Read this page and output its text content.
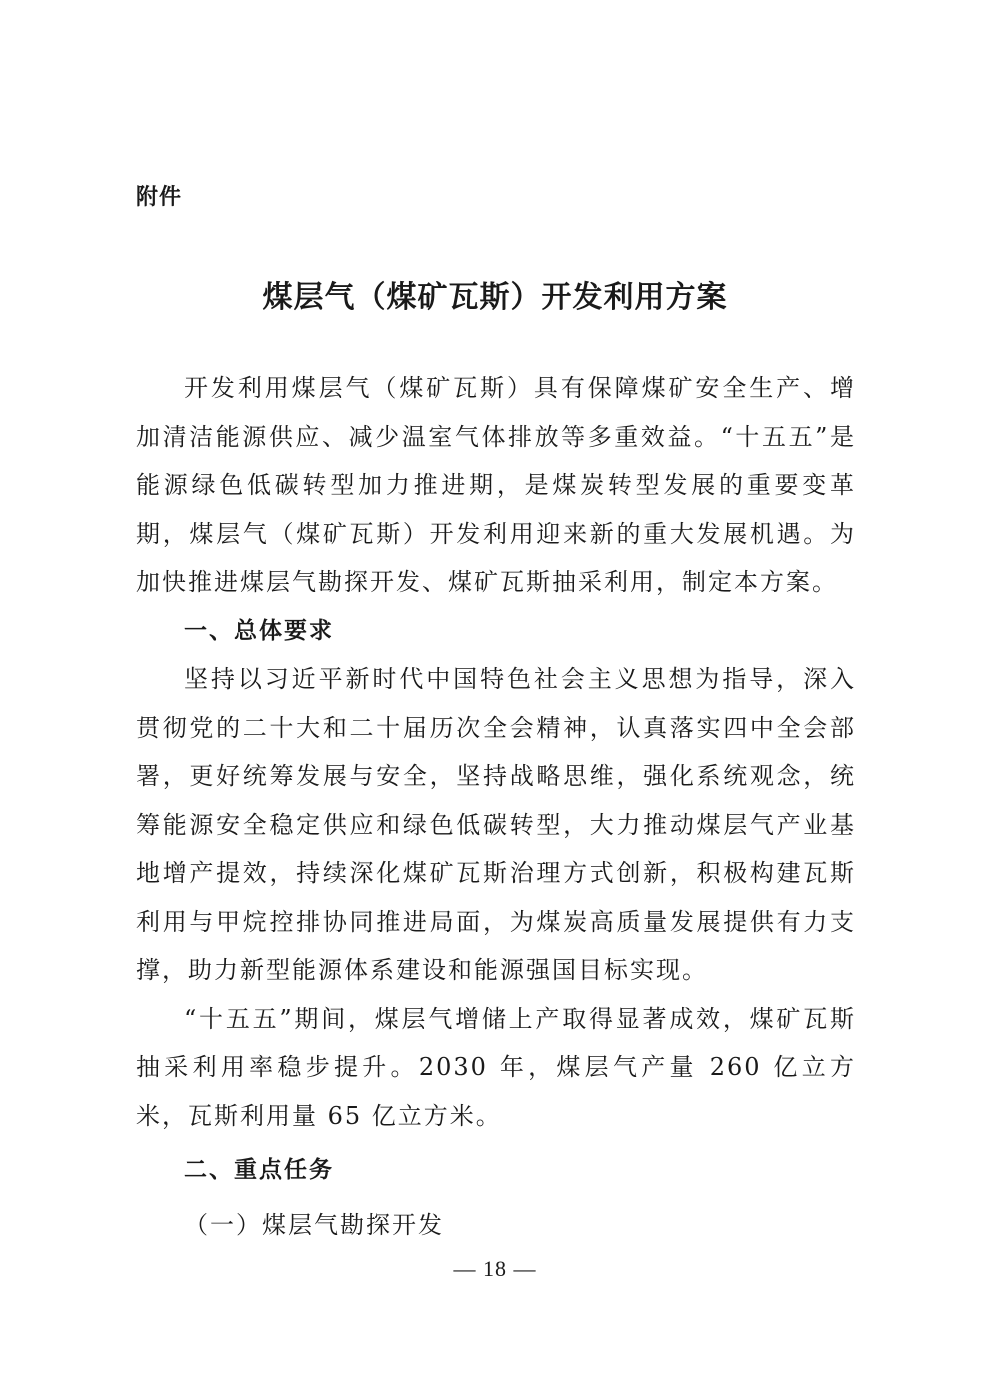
附件
煤层气（煤矿瓦斯）开发利用方案

开发利用煤层气（煤矿瓦斯）具有保障煤矿安全生产、增加清洁能源供应、减少温室气体排放等多重效益。“十五五”是能源绿色低碳转型加力推进期，是煤炭转型发展的重要变革期，煤层气（煤矿瓦斯）开发利用迎来新的重大发展机遇。为加快推进煤层气勘探开发、煤矿瓦斯抽采利用，制定本方案。

一、总体要求

坚持以习近平新时代中国特色社会主义思想为指导，深入贯彻党的二十大和二十届历次全会精神，认真落实四中全会部署，更好统筹发展与安全，坚持战略思维，强化系统观念，统筹能源安全稳定供应和绿色低碳转型，大力推动煤层气产业基地增产提效，持续深化煤矿瓦斯治理方式创新，积极构建瓦斯利用与甲烷控排协同推进局面，为煤炭高质量发展提供有力支撑，助力新型能源体系建设和能源强国目标实现。

“十五五”期间，煤层气增储上产取得显著成效，煤矿瓦斯抽采利用率稳步提升。2030 年，煤层气产量 260 亿立方米，瓦斯利用量 65 亿立方米。

二、重点任务

（一）煤层气勘探开发

— 18 —
